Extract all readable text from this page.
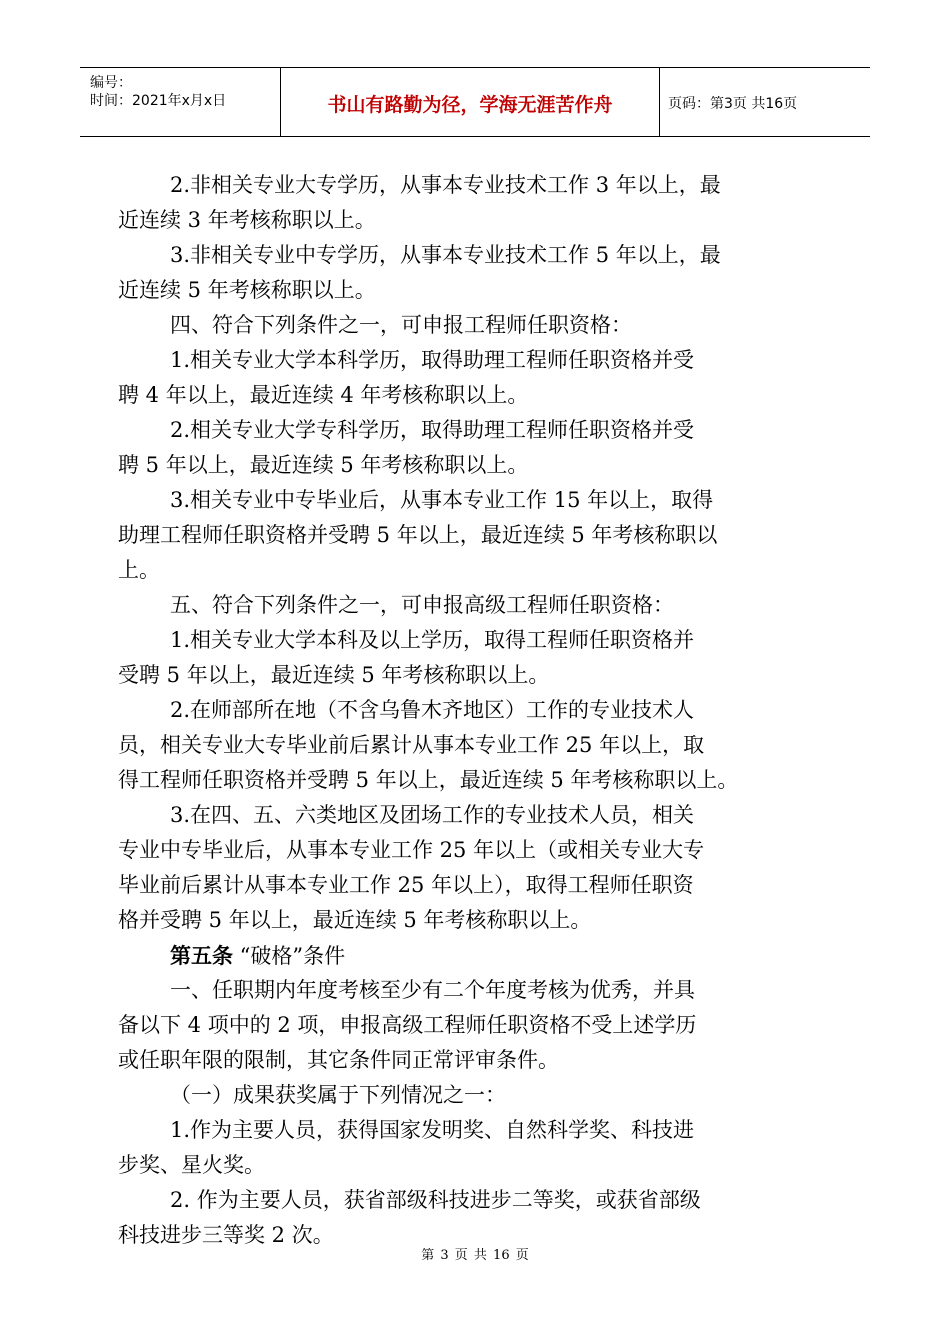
编号：
时间：2021年x月x日	书山有路勤为径，学海无涯苦作舟	页码：第3页 共16页
2.非相关专业大专学历，从事本专业技术工作 3 年以上，最
近连续 3 年考核称职以上。
3.非相关专业中专学历，从事本专业技术工作 5 年以上，最
近连续 5 年考核称职以上。
四、符合下列条件之一，可申报工程师任职资格：
1.相关专业大学本科学历，取得助理工程师任职资格并受
聘 4 年以上，最近连续 4 年考核称职以上。
2.相关专业大学专科学历，取得助理工程师任职资格并受
聘 5 年以上，最近连续 5 年考核称职以上。
3.相关专业中专毕业后，从事本专业工作 15 年以上，取得
助理工程师任职资格并受聘 5 年以上，最近连续 5 年考核称职以
上。
五、符合下列条件之一，可申报高级工程师任职资格：
1.相关专业大学本科及以上学历，取得工程师任职资格并
受聘 5 年以上，最近连续 5 年考核称职以上。
2.在师部所在地（不含乌鲁木齐地区）工作的专业技术人
员，相关专业大专毕业前后累计从事本专业工作 25 年以上，取
得工程师任职资格并受聘 5 年以上，最近连续 5 年考核称职以上。
3.在四、五、六类地区及团场工作的专业技术人员，相关
专业中专毕业后，从事本专业工作 25 年以上（或相关专业大专
毕业前后累计从事本专业工作 25 年以上），取得工程师任职资
格并受聘 5 年以上，最近连续 5 年考核称职以上。
第五条 “破格”条件
一、任职期内年度考核至少有二个年度考核为优秀，并具
备以下 4 项中的 2 项，申报高级工程师任职资格不受上述学历
或任职年限的限制，其它条件同正常评审条件。
（一）成果获奖属于下列情况之一：
1.作为主要人员，获得国家发明奖、自然科学奖、科技进
步奖、星火奖。
2. 作为主要人员，获省部级科技进步二等奖，或获省部级
科技进步三等奖 2 次。
第 3 页 共 16 页
